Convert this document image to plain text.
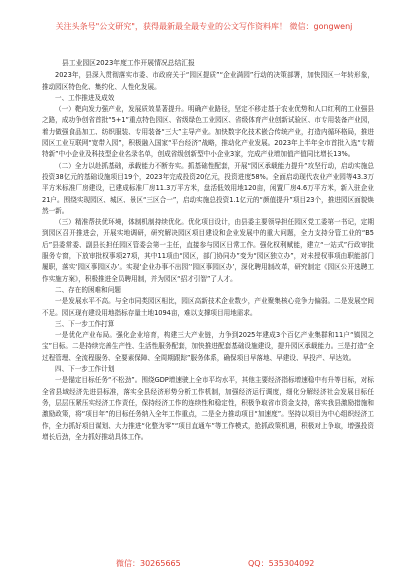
关注头条号"公文研究"，获得最新最全最专业的公文写作资料库！ 微信：gongwenj
县工业园区2023年度工作开展情况总结汇报

2023年，县深入贯彻落实市委、市政府关于“园区提质”“企业满园”行动的决策部署，加快园区一年转形象，推动园区特色化、集约化、人性化发展。

一、工作推进及成效

（一）靶向发力强产业，发展质效显著提升。明确产业路径，坚定不移走基于农业优势和人口红利的工业强县之路，成功争创省首批“5+1”重点特色园区、省级绿色工业园区、省级体育产业创新试验区、市专用装备产业园，着力做强食品加工、纺织服装、专用装备“三大”主导产业。加快数字化技术嵌合传统产业，打造内循环格局，推进园区工业互联网“宽带入园”，积极融入国家“平台经济”战略，推动化产业发展。2023年上半年全市首批入选“专精特新”中小企业及科技型企业名录名单，创成省级创新型中小企业3家，完成产业增加值产值同比增长13%。

（二）全力以赴抓基础，承载能力不断夯实。抓基础性配套，开展“园区承载能力提升”攻坚行动，启动实施总投资38亿元的基础设施项目19个，2023年完成投资20亿元，投资进度58%。全面启动现代农业产业园等43.3万平方米标准厂房建设，已建成标准厂房11.3万平方米，盘活低效用地120亩，闲置厂房4.6万平方米，新入驻企业21户。围绕实现园区、城区、景区“三区合一”，启动实施总投资1.1亿元的“颜值提升”项目23个，推进园区面貌焕然一新。

（三）精准帮扶优环境，体制机制持续优化。优化项目设计，由县委主要领导担任园区党工委第一书记，定期到园区召开推进会，开展实地调研，研究解决园区项目建设和企业发展中的重大问题，全力支持分管工业的“B5后”县委常委、副县长担任园区管委会第一主任，直接参与园区日常工作。强化权利赋能，建立“一站式”行政审批服务专窗，下放审批权事项27项，其中11项由“园区，部门协同办”变为“园区独立办”，对未授权事项由职能部门履职，落实‘园区事园区办’。实现‘企业办事不出园’‘园区事园区办’，深化聘用制改革，研究制定《园区公开选聘工作实施方案》，积极推进全员聘用制，并为园区“招才引智”了人才。

二、存在的困难和问题

一是发展水平不高。与全市同类园区相比，园区高新技术企业数少，产业聚集核心竞争力偏弱。二是发展空间不足。园区现有建设用地指标存量土地1094亩，难以支撑项目用地需求。

三、下一步工作打算

一是优化产业布局。强化企业培育，构建三大产业链，力争到2025年建成3个百亿产业集群和11户“镇园之宝”目标。二是持续完善生产性、生活性服务配套，加快推进配套基础设施建设，提升园区承载能力。三是打造“全过程管理、全流程服务、全要素保障、全周期跟踪”服务体系，确保项目早落地、早建设、早投产、早达效。

四、下一步工作计划

一是锚定目标任务“不松劲”。围绕GDP增速驶上全市平均水平，其他主要经济指标增速稳中有升等目标，对标全省县域经济先进县标准，落实全县经济形势分析工作机制，加强经济运行调度，细化分解经济社会发展目标任务，层层压紧压实经济工作责任，保持经济工作的连续性和稳定性，积极争取省市资金支持，落实我县激励措施和激励政策，将“项目年”的目标任务纳入全年工作重点，二是全力推动项目“加速度”。坚持以项目为中心组织经济工作，全力抓好项目谋划、大力推进“化整为零”“项目直通车”等工作模式，抢抓政策机遇，积极对上争取，增强投资增长后劲，全力抓好推动具体工作。

微信：30265665	QQ：535304092
